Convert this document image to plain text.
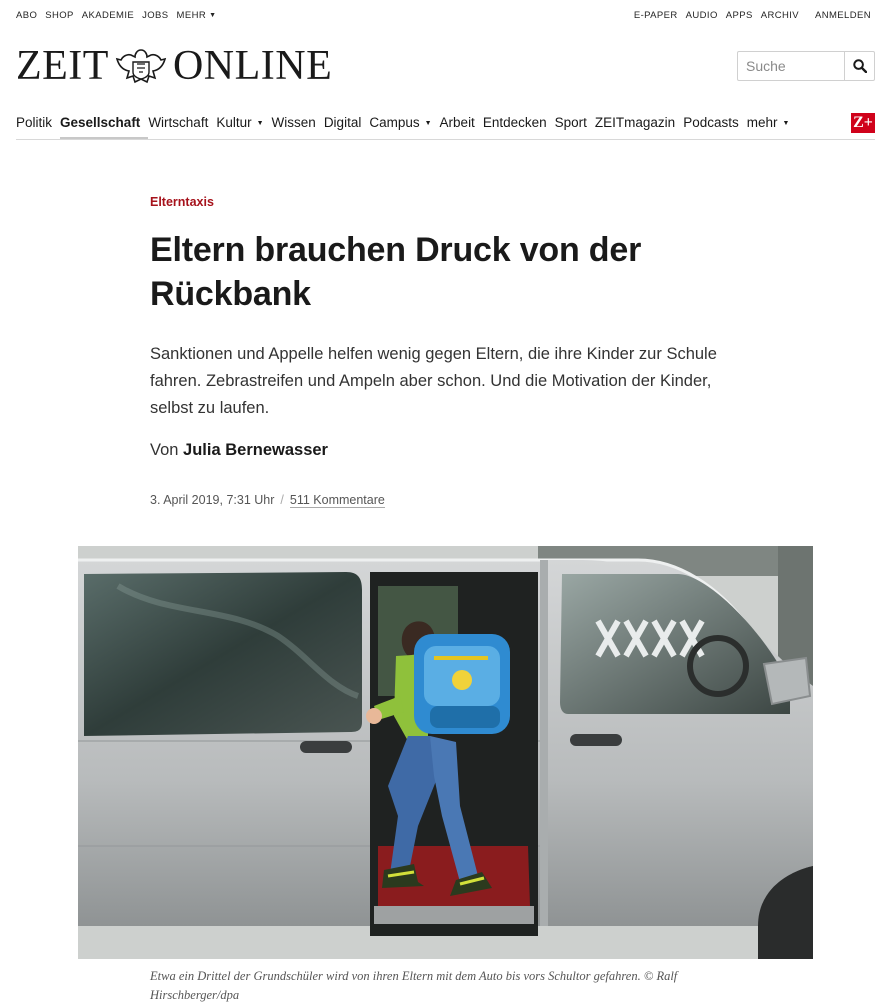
ABO SHOP AKADEMIE JOBS MEHR ▼	E-PAPER AUDIO APPS ARCHIV ANMELDEN
ZEIT ONLINE
Suche
Politik Gesellschaft Wirtschaft Kultur ▼ Wissen Digital Campus ▼ Arbeit Entdecken Sport ZEITmagazin Podcasts mehr ▼	Z+
Elterntaxis
Eltern brauchen Druck von der Rückbank

Sanktionen und Appelle helfen wenig gegen Eltern, die ihre Kinder zur Schule fahren. Zebrastreifen und Ampeln aber schon. Und die Motivation der Kinder, selbst zu laufen.

Von Julia Bernewasser
3. April 2019, 7:31 Uhr / 511 Kommentare

Etwa ein Drittel der Grundschüler wird von ihren Eltern mit dem Auto bis vors Schultor gefahren. © Ralf Hirschberger/dpa
